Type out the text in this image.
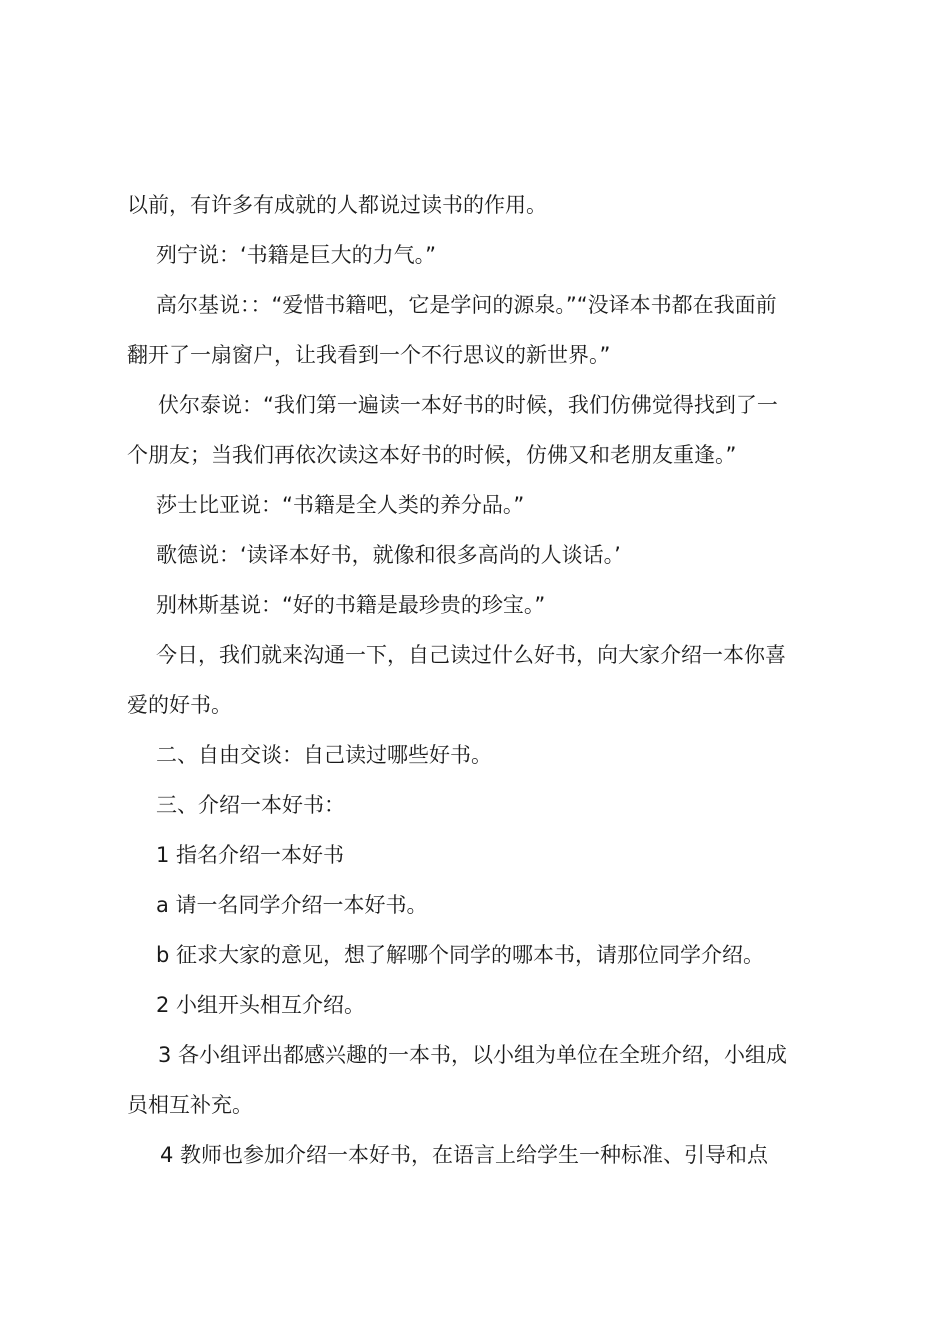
以前，有许多有成就的人都说过读书的作用。
列宁说：‘书籍是巨大的力气。”
高尔基说：：“爱惜书籍吧，它是学问的源泉。”“没译本书都在我面前
翻开了一扇窗户，让我看到一个不行思议的新世界。”
伏尔泰说：“我们第一遍读一本好书的时候，我们仿佛觉得找到了一
个朋友；当我们再依次读这本好书的时候，仿佛又和老朋友重逢。”
莎士比亚说：“书籍是全人类的养分品。”
歌德说：‘读译本好书，就像和很多高尚的人谈话。’
别林斯基说：“好的书籍是最珍贵的珍宝。”
今日，我们就来沟通一下，自己读过什么好书，向大家介绍一本你喜
爱的好书。
二、自由交谈：自己读过哪些好书。
三、介绍一本好书：
1 指名介绍一本好书
a 请一名同学介绍一本好书。
b 征求大家的意见，想了解哪个同学的哪本书，请那位同学介绍。
2 小组开头相互介绍。
3 各小组评出都感兴趣的一本书，以小组为单位在全班介绍，小组成
员相互补充。
4 教师也参加介绍一本好书，在语言上给学生一种标准、引导和点
